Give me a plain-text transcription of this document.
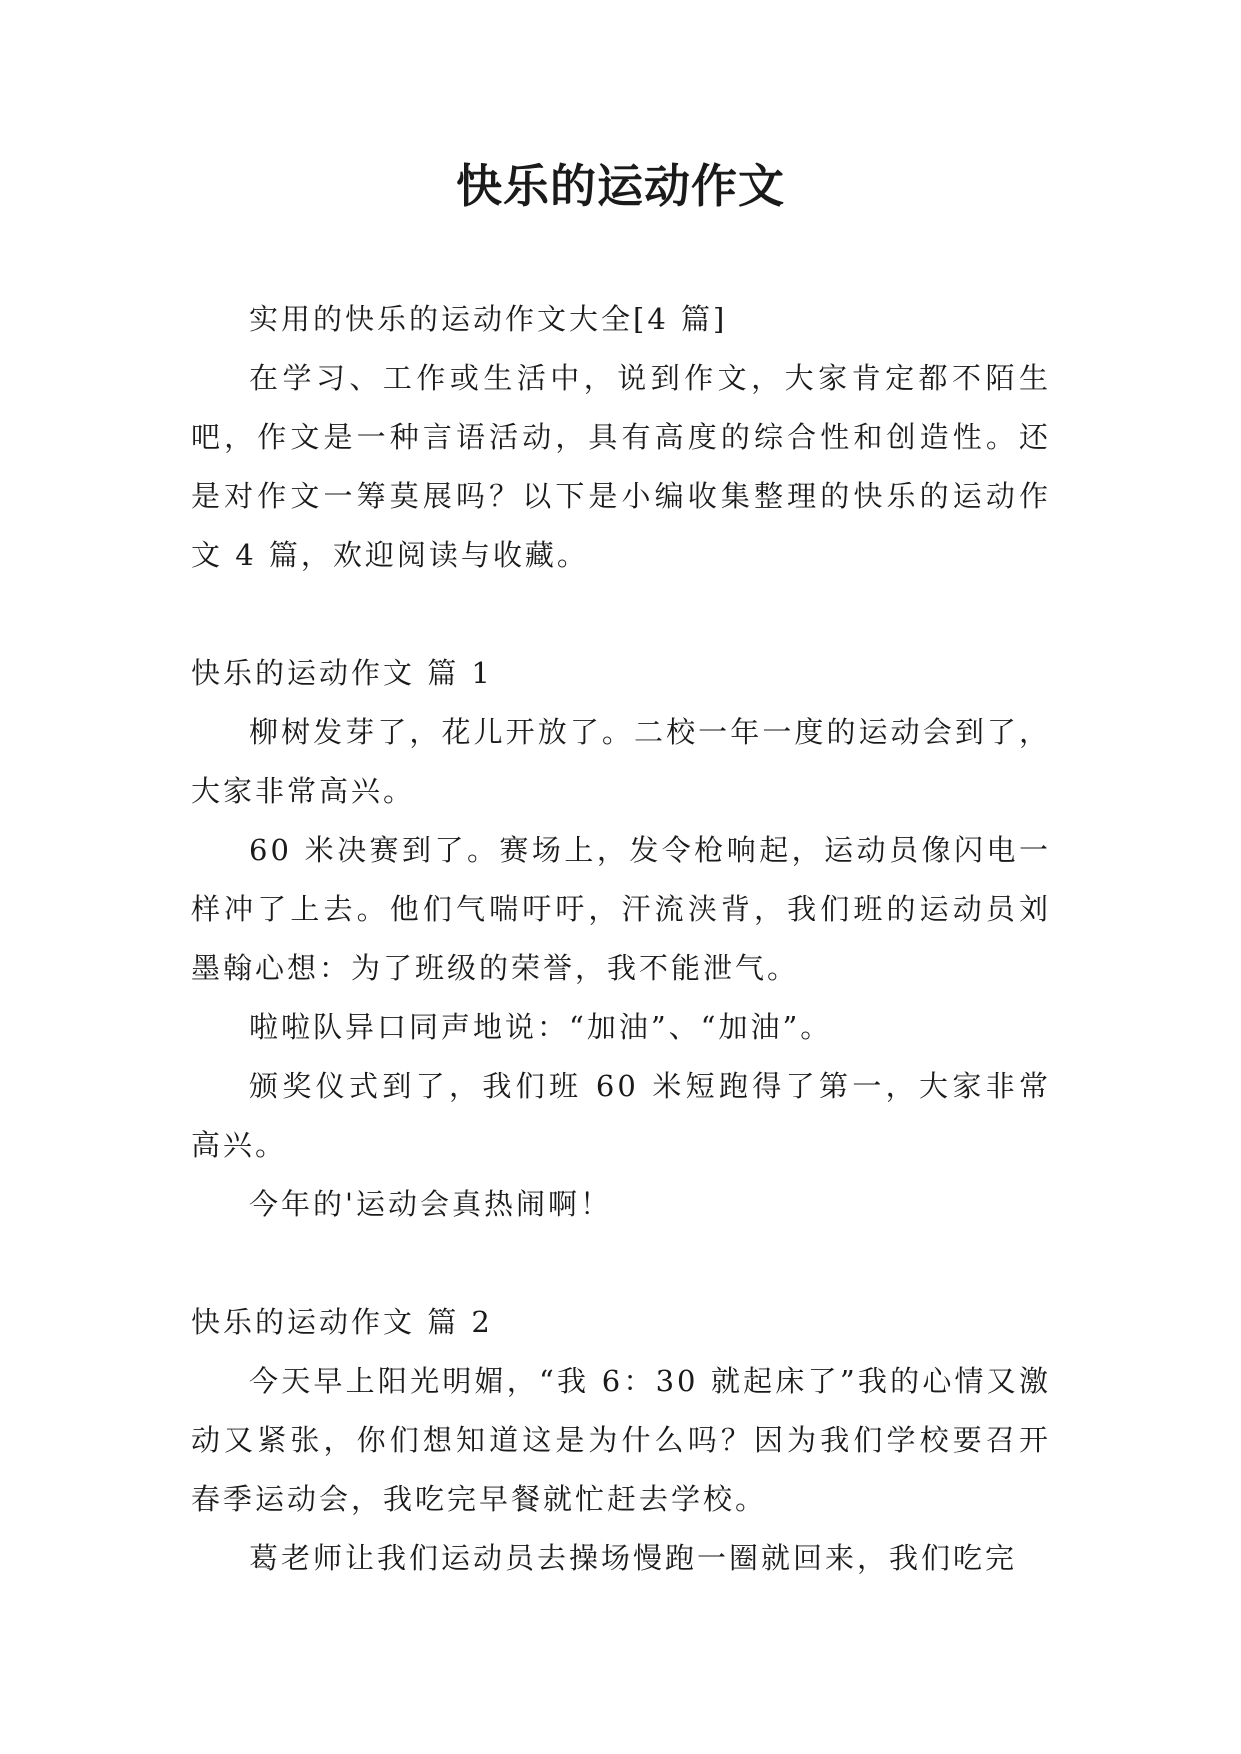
快乐的运动作文

实用的快乐的运动作文大全[4 篇]

在学习、工作或生活中，说到作文，大家肯定都不陌生吧，作文是一种言语活动，具有高度的综合性和创造性。还是对作文一筹莫展吗？以下是小编收集整理的快乐的运动作文 4 篇，欢迎阅读与收藏。

快乐的运动作文 篇 1

柳树发芽了，花儿开放了。二校一年一度的运动会到了，大家非常高兴。

60 米决赛到了。赛场上，发令枪响起，运动员像闪电一样冲了上去。他们气喘吁吁，汗流浃背，我们班的运动员刘墨翰心想：为了班级的荣誉，我不能泄气。

啦啦队异口同声地说：“加油”、“加油”。

颁奖仪式到了，我们班 60 米短跑得了第一，大家非常高兴。

今年的'运动会真热闹啊！

快乐的运动作文 篇 2

今天早上阳光明媚，“我 6：30 就起床了”我的心情又激动又紧张，你们想知道这是为什么吗？因为我们学校要召开春季运动会，我吃完早餐就忙赶去学校。

葛老师让我们运动员去操场慢跑一圈就回来，我们吃完
